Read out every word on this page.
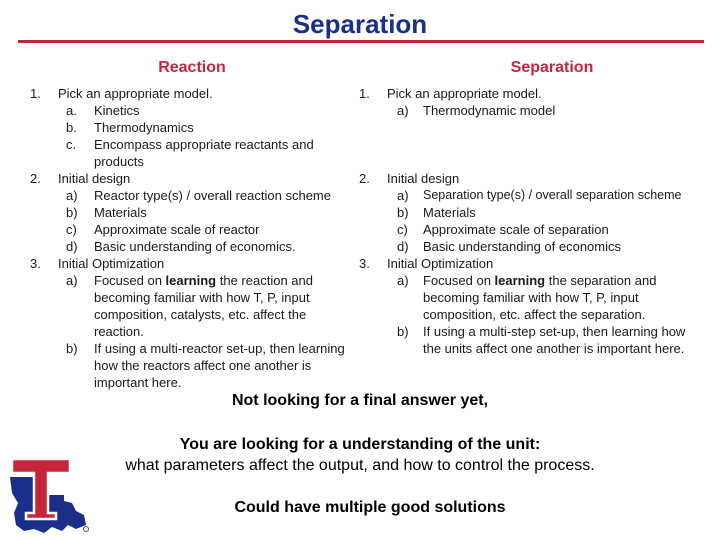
Separation
Reaction	Separation
1. Pick an appropriate model.
a. Kinetics
b. Thermodynamics
c. Encompass appropriate reactants and
products
2. Initial design
a) Reactor type(s) / overall reaction scheme
b) Materials
c) Approximate scale of reactor
d) Basic understanding of economics.
3. Initial Optimization
a) Focused on learning the reaction and
becoming familiar with how T, P, input
composition, catalysts, etc. affect the
reaction.
b) If using a multi-reactor set-up, then learning
how the reactors affect one another is
important here.
1. Pick an appropriate model.
a) Thermodynamic model
2. Initial design
a) Separation type(s) / overall separation scheme
b) Materials
c) Approximate scale of separation
d) Basic understanding of economics
3. Initial Optimization
a) Focused on learning the separation and
becoming familiar with how T, P, input
composition, etc. affect the separation.
b) If using a multi-step set-up, then learning how
the units affect one another is important here.
Not looking for a final answer yet,
You are looking for a understanding of the unit:
what parameters affect the output, and how to control the process.
Could have multiple good solutions
